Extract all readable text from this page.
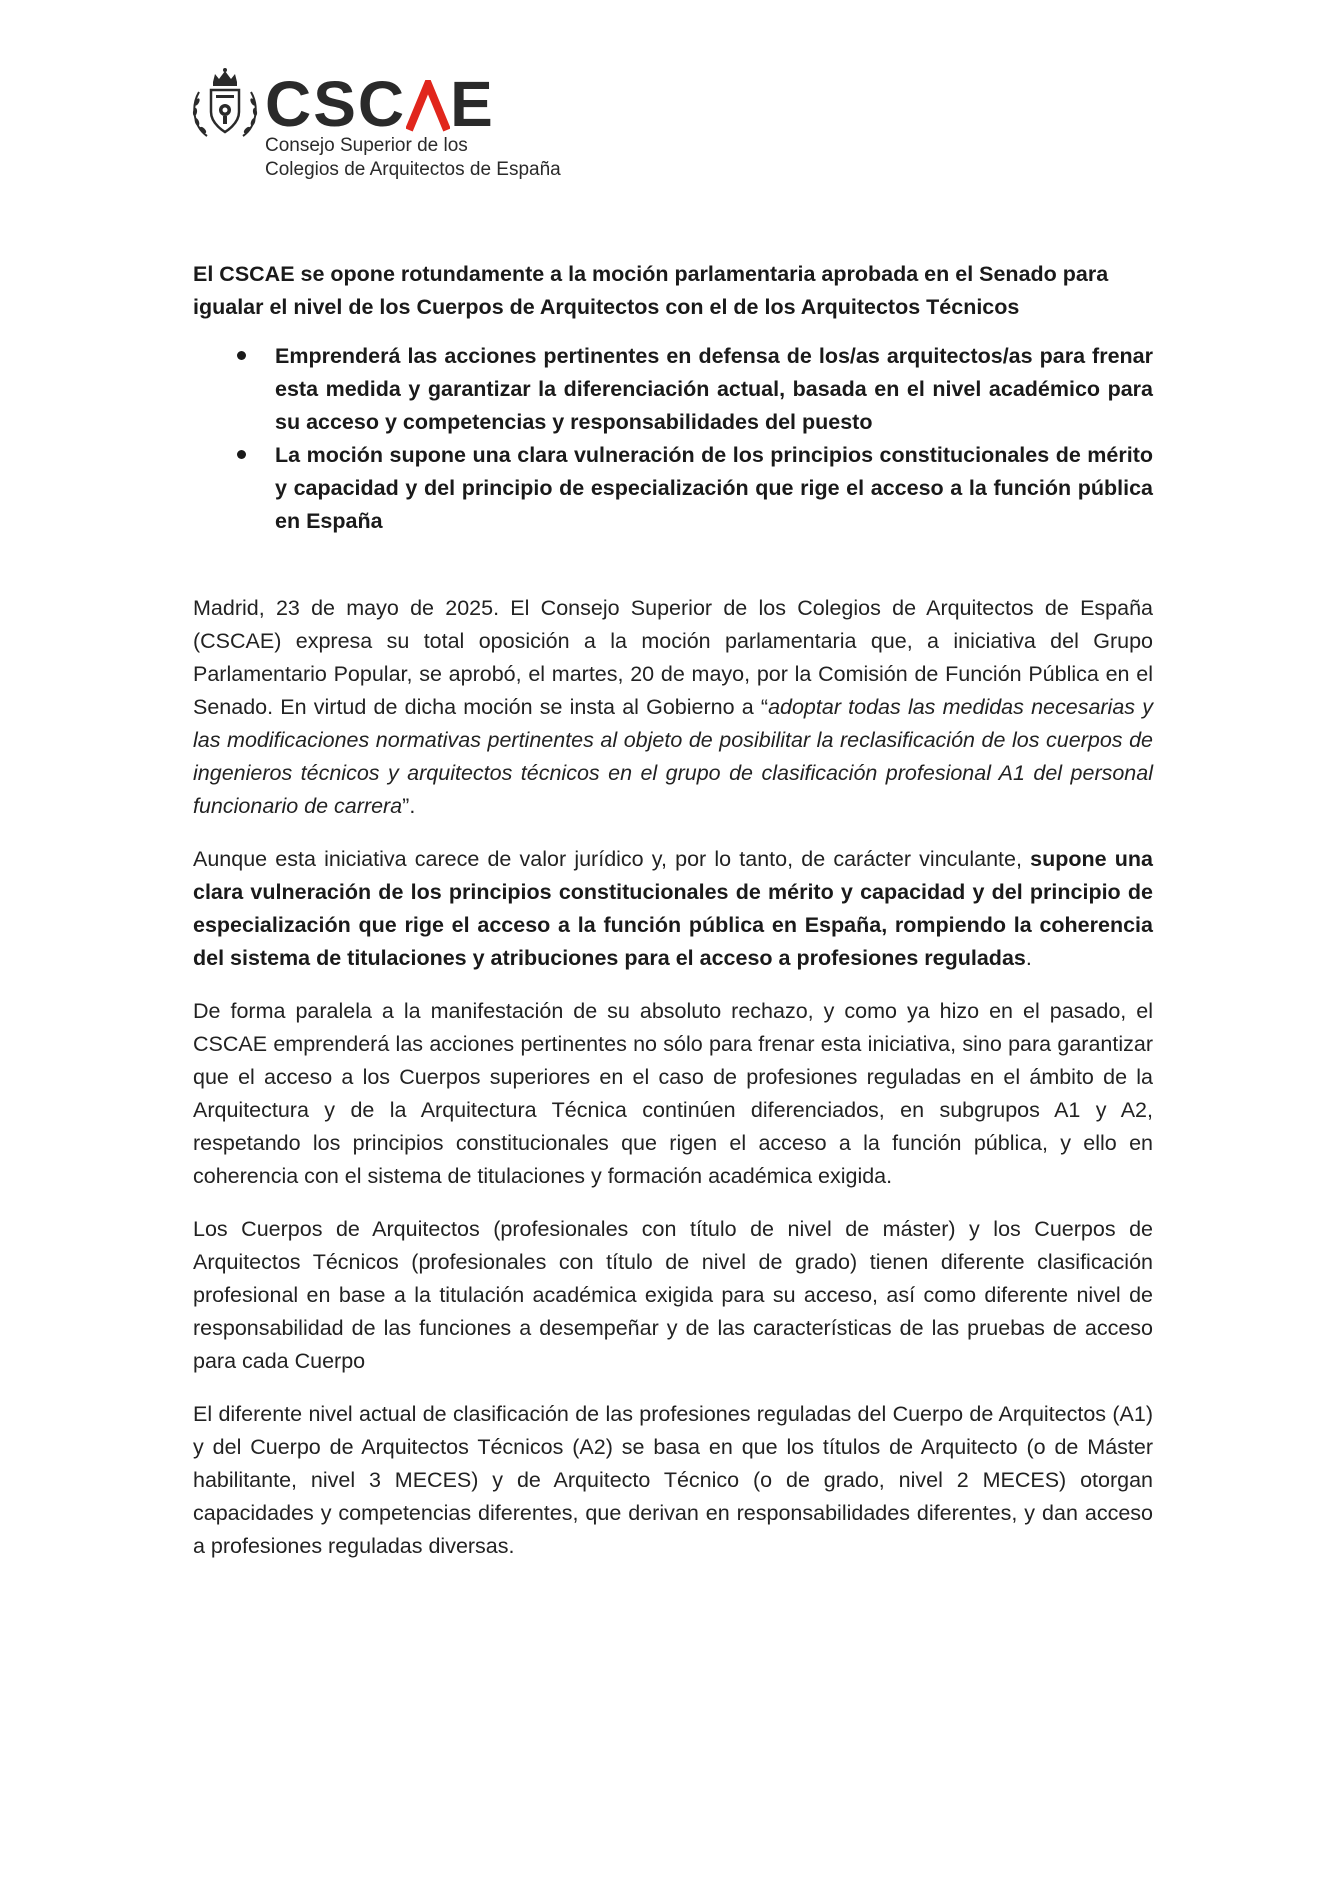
CSC E
Consejo Superior de los
Colegios de Arquitectos de España
El CSCAE se opone rotundamente a la moción parlamentaria aprobada en el Senado para igualar el nivel de los Cuerpos de Arquitectos con el de los Arquitectos Técnicos
Emprenderá las acciones pertinentes en defensa de los/as arquitectos/as para frenar esta medida y garantizar la diferenciación actual, basada en el nivel académico para su acceso y competencias y responsabilidades del puesto
La moción supone una clara vulneración de los principios constitucionales de mérito y capacidad y del principio de especialización que rige el acceso a la función pública en España

Madrid, 23 de mayo de 2025. El Consejo Superior de los Colegios de Arquitectos de España (CSCAE) expresa su total oposición a la moción parlamentaria que, a iniciativa del Grupo Parlamentario Popular, se aprobó, el martes, 20 de mayo, por la Comisión de Función Pública en el Senado. En virtud de dicha moción se insta al Gobierno a “adoptar todas las medidas necesarias y las modificaciones normativas pertinentes al objeto de posibilitar la reclasificación de los cuerpos de ingenieros técnicos y arquitectos técnicos en el grupo de clasificación profesional A1 del personal funcionario de carrera”.

Aunque esta iniciativa carece de valor jurídico y, por lo tanto, de carácter vinculante, supone una clara vulneración de los principios constitucionales de mérito y capacidad y del principio de especialización que rige el acceso a la función pública en España, rompiendo la coherencia del sistema de titulaciones y atribuciones para el acceso a profesiones reguladas.

De forma paralela a la manifestación de su absoluto rechazo, y como ya hizo en el pasado, el CSCAE emprenderá las acciones pertinentes no sólo para frenar esta iniciativa, sino para garantizar que el acceso a los Cuerpos superiores en el caso de profesiones reguladas en el ámbito de la Arquitectura y de la Arquitectura Técnica continúen diferenciados, en subgrupos A1 y A2, respetando los principios constitucionales que rigen el acceso a la función pública, y ello en coherencia con el sistema de titulaciones y formación académica exigida.

Los Cuerpos de Arquitectos (profesionales con título de nivel de máster) y los Cuerpos de Arquitectos Técnicos (profesionales con título de nivel de grado) tienen diferente clasificación profesional en base a la titulación académica exigida para su acceso, así como diferente nivel de responsabilidad de las funciones a desempeñar y de las características de las pruebas de acceso para cada Cuerpo

El diferente nivel actual de clasificación de las profesiones reguladas del Cuerpo de Arquitectos (A1) y del Cuerpo de Arquitectos Técnicos (A2) se basa en que los títulos de Arquitecto (o de Máster habilitante, nivel 3 MECES) y de Arquitecto Técnico (o de grado, nivel 2 MECES) otorgan capacidades y competencias diferentes, que derivan en responsabilidades diferentes, y dan acceso a profesiones reguladas diversas.
